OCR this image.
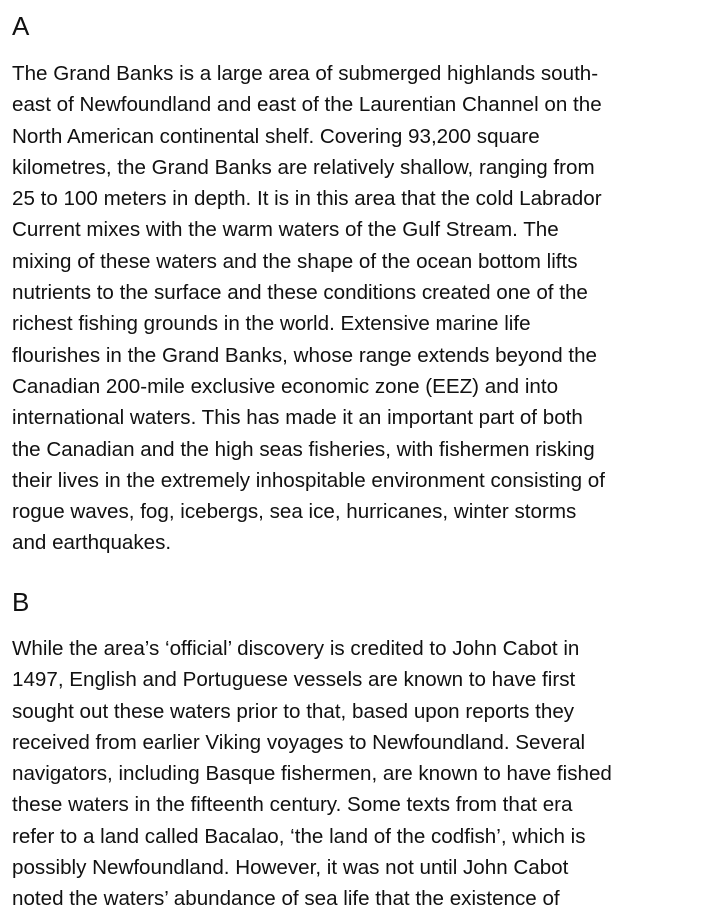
A

The Grand Banks is a large area of submerged highlands south-
east of Newfoundland and east of the Laurentian Channel on the
North American continental shelf. Covering 93,200 square
kilometres, the Grand Banks are relatively shallow, ranging from
25 to 100 meters in depth. It is in this area that the cold Labrador
Current mixes with the warm waters of the Gulf Stream. The
mixing of these waters and the shape of the ocean bottom lifts
nutrients to the surface and these conditions created one of the
richest fishing grounds in the world. Extensive marine life
flourishes in the Grand Banks, whose range extends beyond the
Canadian 200-mile exclusive economic zone (EEZ) and into
international waters. This has made it an important part of both
the Canadian and the high seas fisheries, with fishermen risking
their lives in the extremely inhospitable environment consisting of
rogue waves, fog, icebergs, sea ice, hurricanes, winter storms
and earthquakes.

B

While the area’s ‘official’ discovery is credited to John Cabot in
1497, English and Portuguese vessels are known to have first
sought out these waters prior to that, based upon reports they
received from earlier Viking voyages to Newfoundland. Several
navigators, including Basque fishermen, are known to have fished
these waters in the fifteenth century. Some texts from that era
refer to a land called Bacalao, ‘the land of the codfish’, which is
possibly Newfoundland. However, it was not until John Cabot
noted the waters’ abundance of sea life that the existence of
